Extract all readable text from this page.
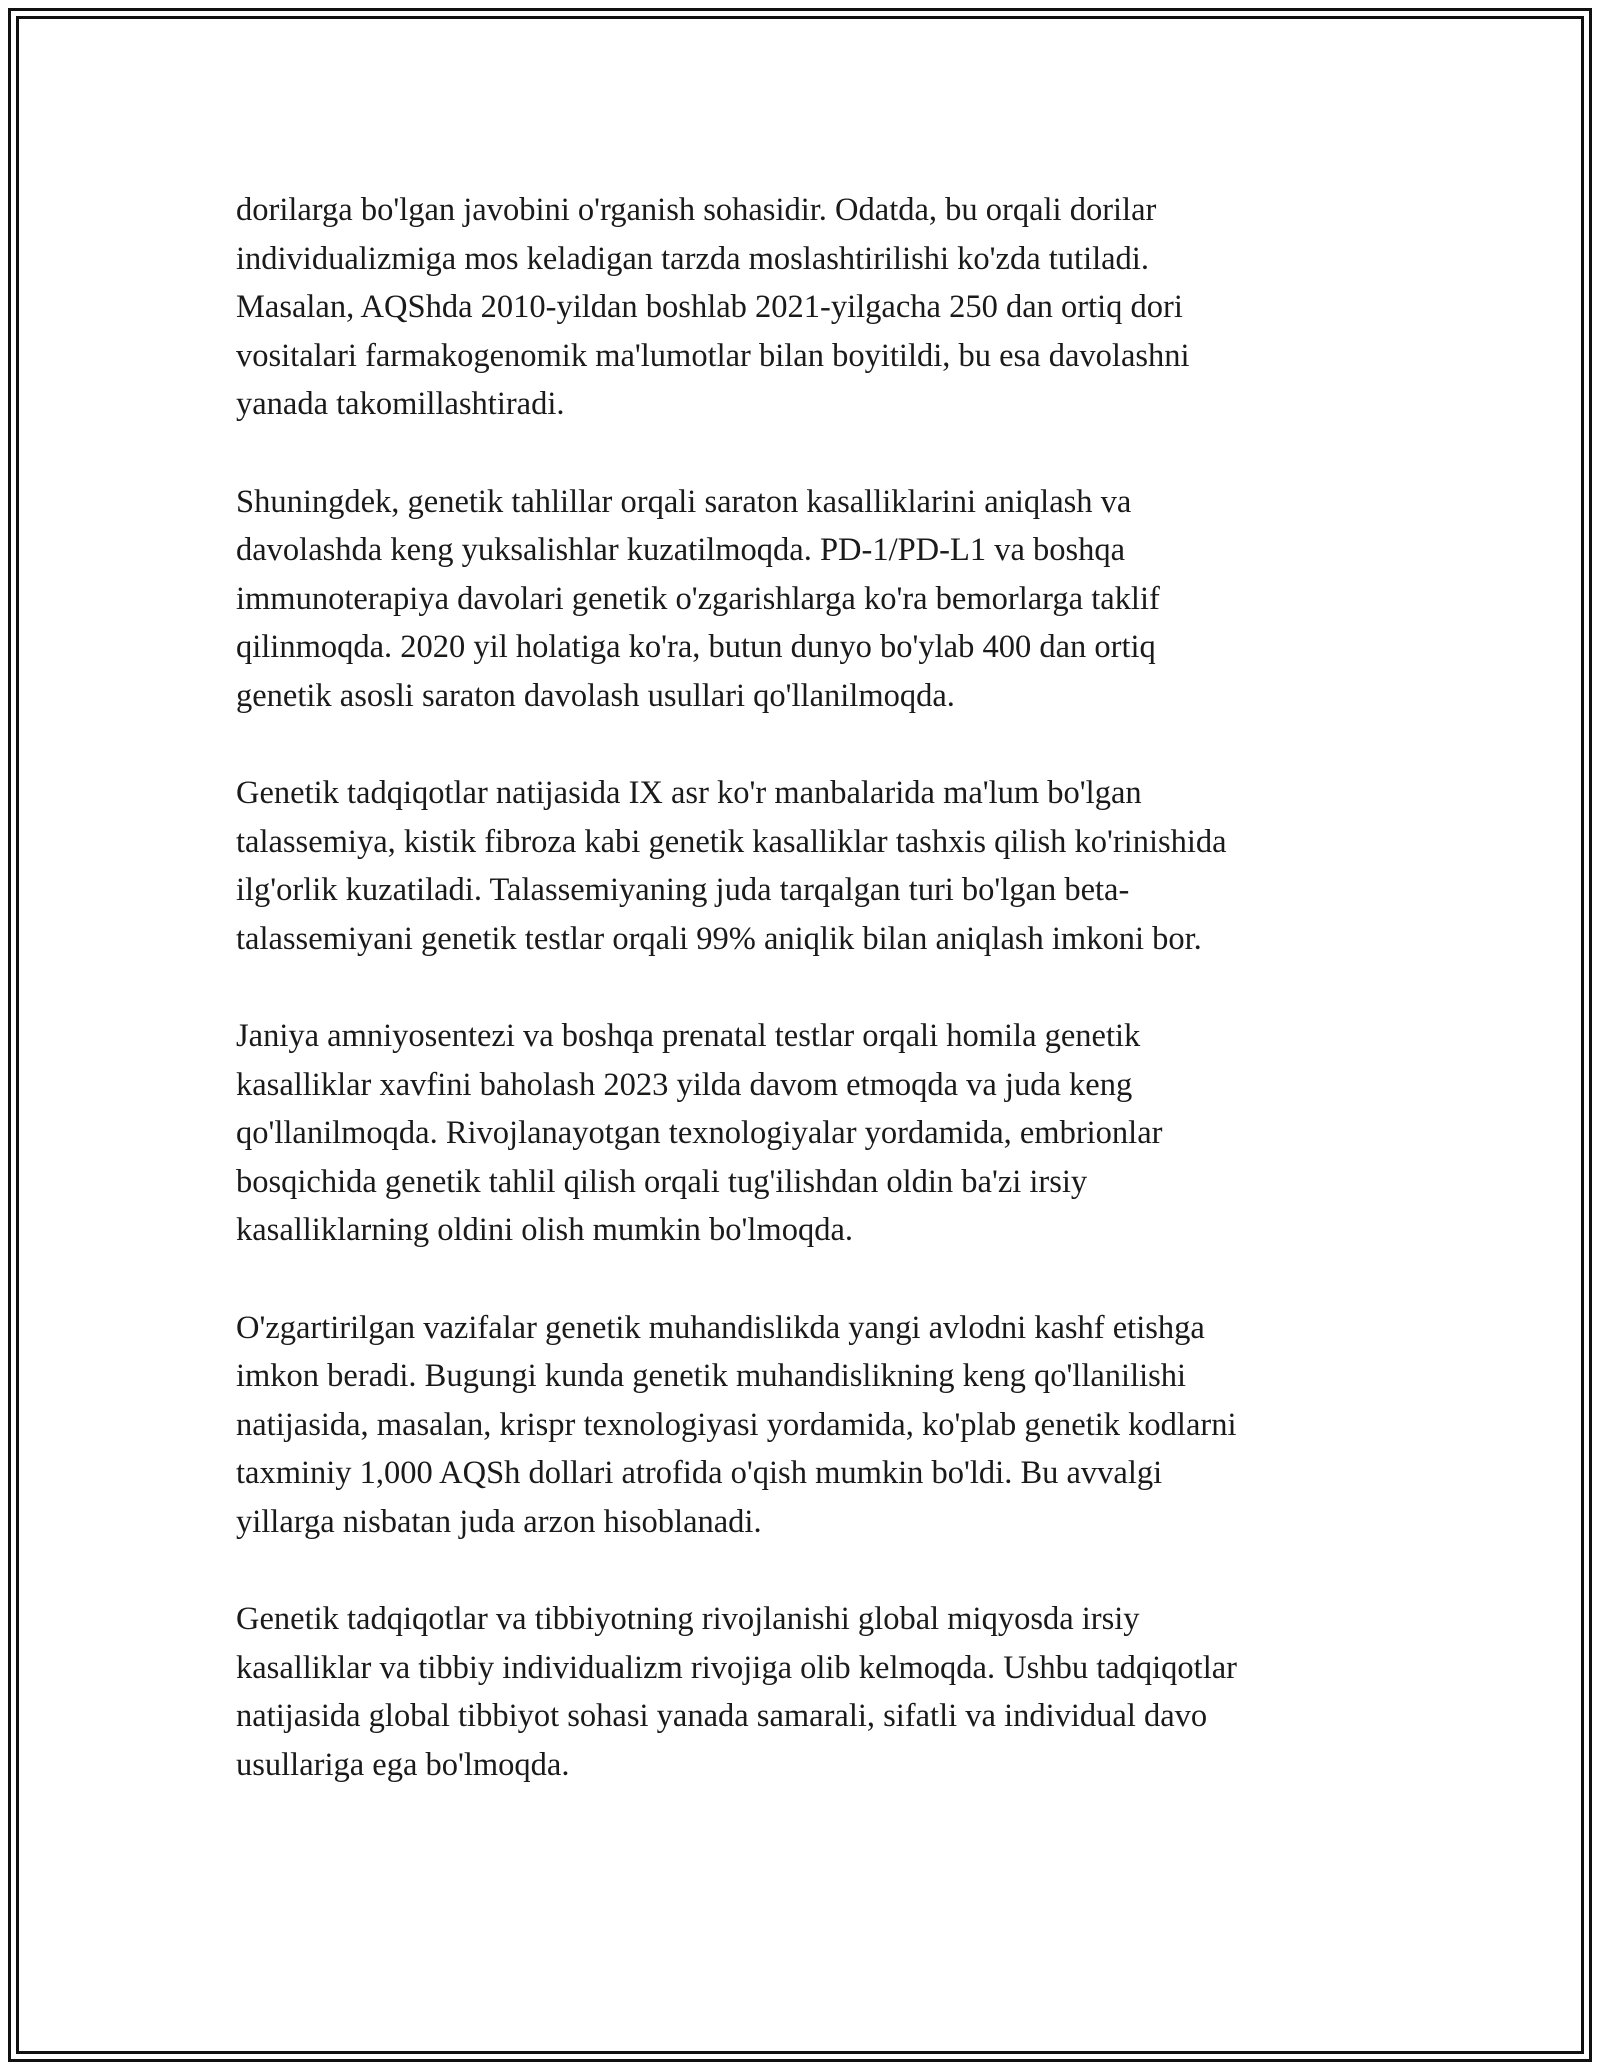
dorilarga bo'lgan javobini o'rganish sohasidir. Odatda, bu orqali dorilar
individualizmiga mos keladigan tarzda moslashtirilishi ko'zda tutiladi.
Masalan, AQShda 2010-yildan boshlab 2021-yilgacha 250 dan ortiq dori
vositalari farmakogenomik ma'lumotlar bilan boyitildi, bu esa davolashni
yanada takomillashtiradi.

Shuningdek, genetik tahlillar orqali saraton kasalliklarini aniqlash va
davolashda keng yuksalishlar kuzatilmoqda. PD-1/PD-L1 va boshqa
immunoterapiya davolari genetik o'zgarishlarga ko'ra bemorlarga taklif
qilinmoqda. 2020 yil holatiga ko'ra, butun dunyo bo'ylab 400 dan ortiq
genetik asosli saraton davolash usullari qo'llanilmoqda.

Genetik tadqiqotlar natijasida IX asr ko'r manbalarida ma'lum bo'lgan
talassemiya, kistik fibroza kabi genetik kasalliklar tashxis qilish ko'rinishida
ilg'orlik kuzatiladi. Talassemiyaning juda tarqalgan turi bo'lgan beta-
talassemiyani genetik testlar orqali 99% aniqlik bilan aniqlash imkoni bor.

Janiya amniyosentezi va boshqa prenatal testlar orqali homila genetik
kasalliklar xavfini baholash 2023 yilda davom etmoqda va juda keng
qo'llanilmoqda. Rivojlanayotgan texnologiyalar yordamida, embrionlar
bosqichida genetik tahlil qilish orqali tug'ilishdan oldin ba'zi irsiy
kasalliklarning oldini olish mumkin bo'lmoqda.

O'zgartirilgan vazifalar genetik muhandislikda yangi avlodni kashf etishga
imkon beradi. Bugungi kunda genetik muhandislikning keng qo'llanilishi
natijasida, masalan, krispr texnologiyasi yordamida, ko'plab genetik kodlarni
taxminiy 1,000 AQSh dollari atrofida o'qish mumkin bo'ldi. Bu avvalgi
yillarga nisbatan juda arzon hisoblanadi.

Genetik tadqiqotlar va tibbiyotning rivojlanishi global miqyosda irsiy
kasalliklar va tibbiy individualizm rivojiga olib kelmoqda. Ushbu tadqiqotlar
natijasida global tibbiyot sohasi yanada samarali, sifatli va individual davo
usullariga ega bo'lmoqda.
